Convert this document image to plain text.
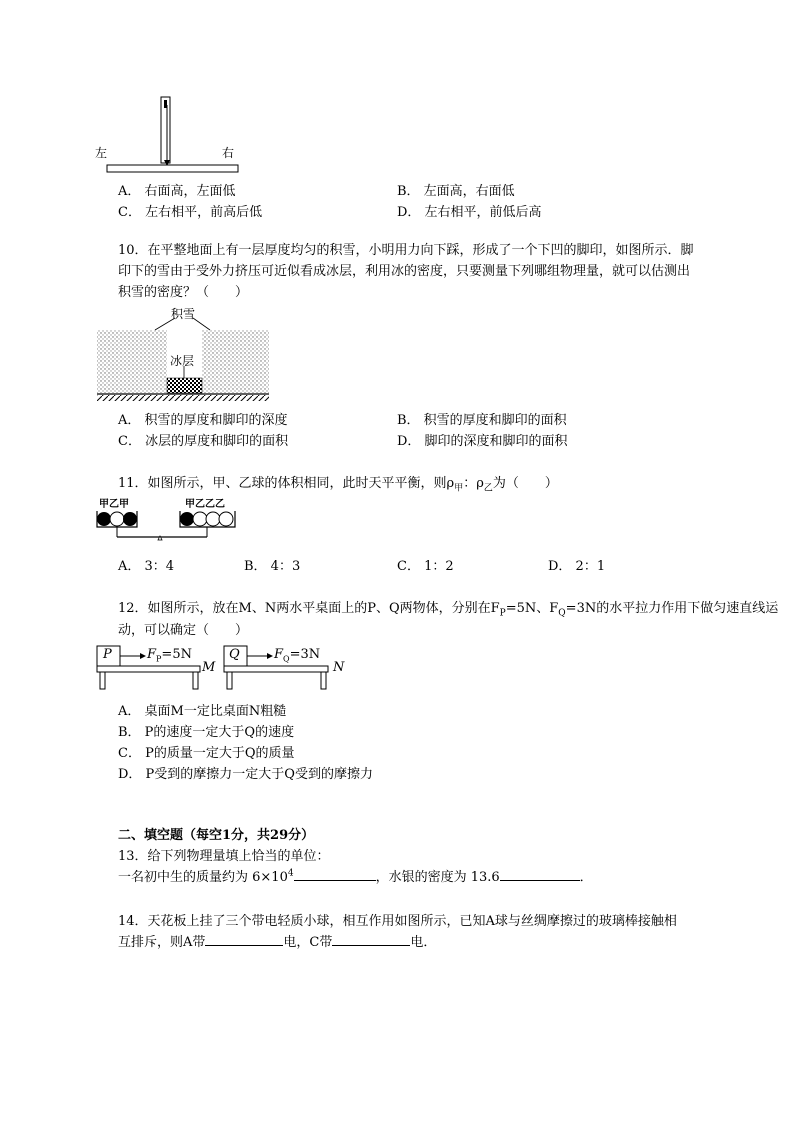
左	右
A． 右面高，左面低	B． 左面高，右面低
C． 左右相平，前高后低	D． 左右相平，前低后高
10．在平整地面上有一层厚度均匀的积雪，小明用力向下踩，形成了一个下凹的脚印，如图所示．脚印下的雪由于受外力挤压可近似看成冰层，利用冰的密度，只要测量下列哪组物理量，就可以估测出积雪的密度？（　　）
积雪
冰层
A． 积雪的厚度和脚印的深度	B． 积雪的厚度和脚印的面积
C． 冰层的厚度和脚印的面积	D． 脚印的深度和脚印的面积
11．如图所示，甲、乙球的体积相同，此时天平平衡，则$\rho_甲$：$\rho_乙$为（　　）
甲乙甲	甲乙乙乙
A． 3：4	B． 4：3	C． 1：2	D． 2：1
12．如图所示，放在M、N两水平桌面上的P、Q两物体，分别在$F_P=5N$、$F_Q=3N$的水平拉力作用下做匀速直线运动，可以确定（　　）
P	$F_P=5N$
M
Q	$F_Q=3N$
N
A． 桌面M一定比桌面N粗糙
B． P的速度一定大于Q的速度
C． P的质量一定大于Q的质量
D． P受到的摩擦力一定大于Q受到的摩擦力
二、填空题（每空1分，共29分）
13．给下列物理量填上恰当的单位：
一名初中生的质量约为 $6\times 10^4$	，水银的密度为 13.6	．
14．天花板上挂了三个带电轻质小球，相互作用如图所示，已知A球与丝绸摩擦过的玻璃棒接触相
互排斥，则A带	电，C带	电．
